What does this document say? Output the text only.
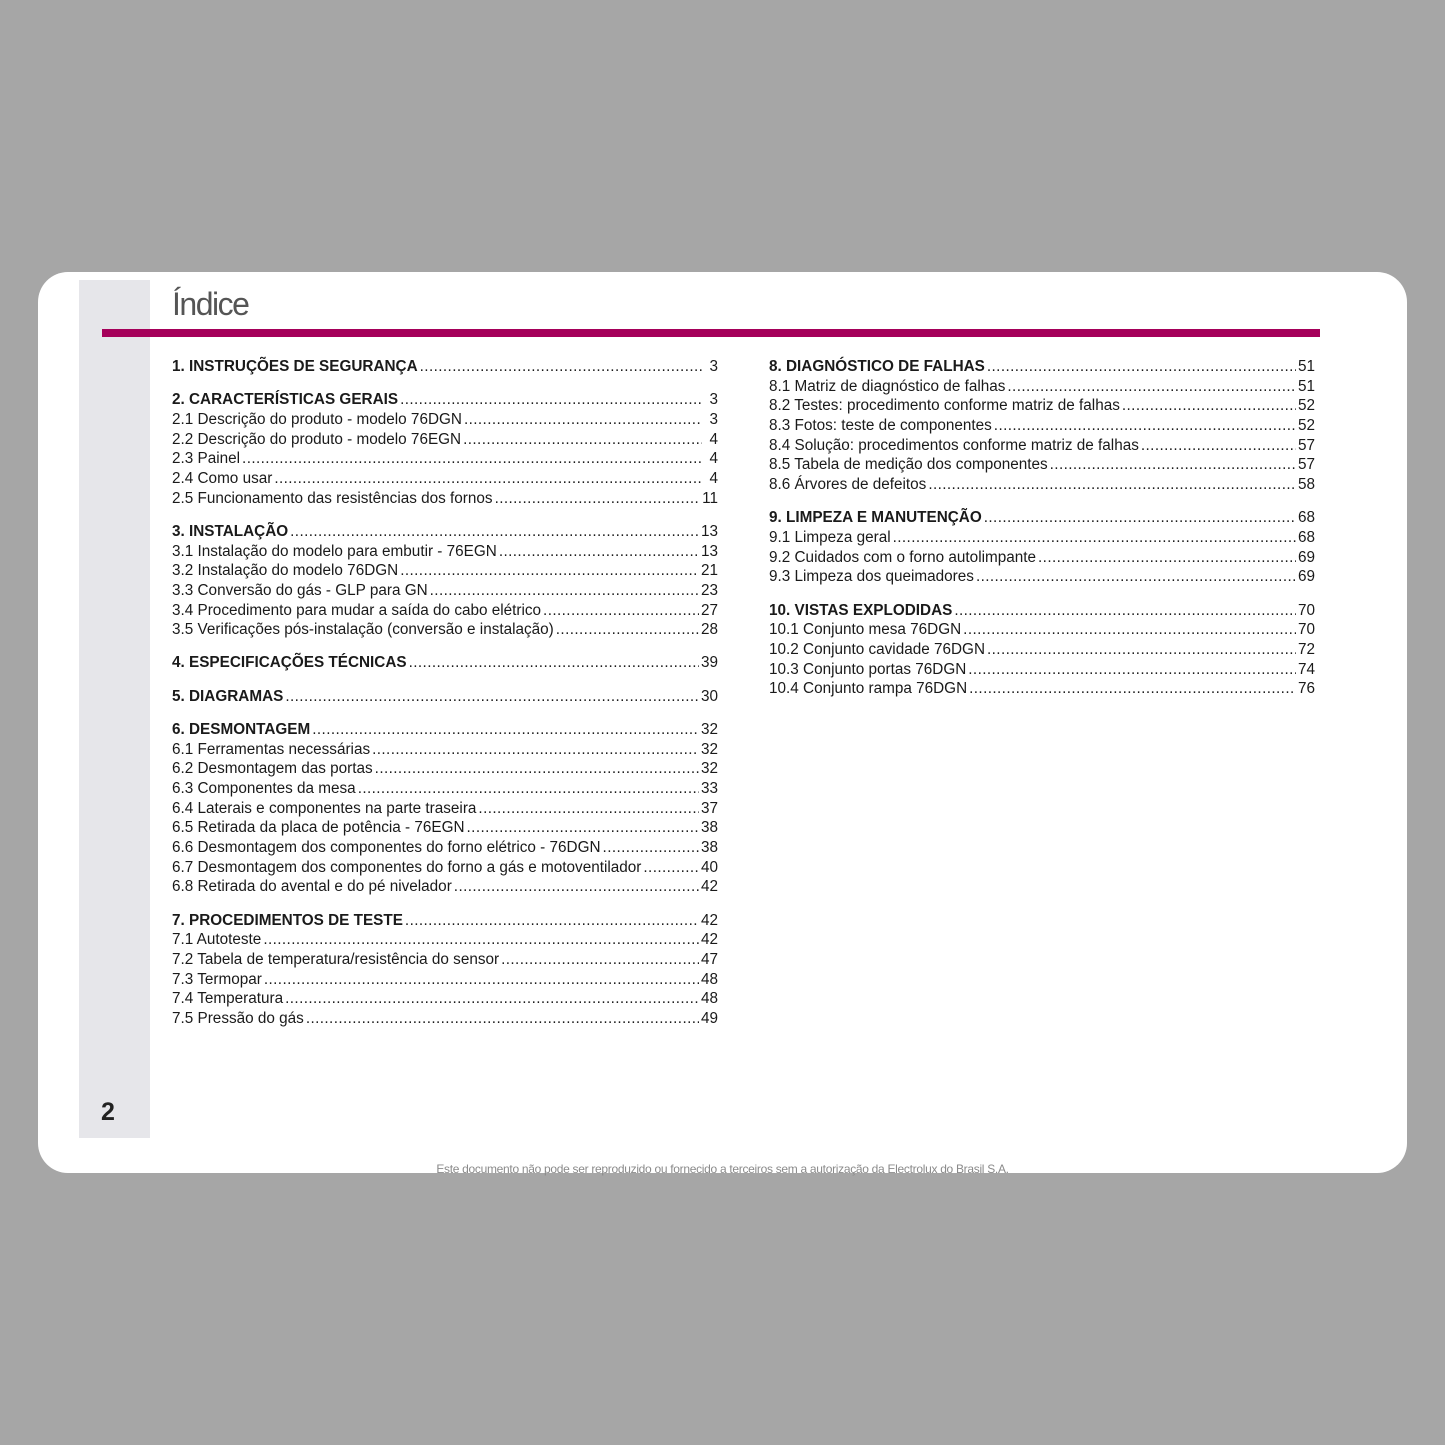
Índice
1. INSTRUÇÕES DE SEGURANÇA .....	3
2. CARACTERÍSTICAS GERAIS .....	3
2.1 Descrição do produto - modelo 76DGN .....	3
2.2 Descrição do produto - modelo 76EGN .....	4
2.3 Painel .....	4
2.4 Como usar .....	4
2.5 Funcionamento das resistências dos fornos .....	11
3. INSTALAÇÃO .....	13
3.1 Instalação do modelo para embutir - 76EGN .....	13
3.2 Instalação do modelo 76DGN .....	21
3.3 Conversão do gás - GLP para GN .....	23
3.4 Procedimento para mudar a saída do cabo elétrico .....	27
3.5 Verificações pós-instalação (conversão e instalação) .....	28
4. ESPECIFICAÇÕES TÉCNICAS .....	39
5. DIAGRAMAS .....	30
6. DESMONTAGEM .....	32
6.1 Ferramentas necessárias .....	32
6.2 Desmontagem das portas .....	32
6.3 Componentes da mesa .....	33
6.4 Laterais e componentes na parte traseira .....	37
6.5 Retirada da placa de potência - 76EGN .....	38
6.6 Desmontagem dos componentes do forno elétrico - 76DGN .....	38
6.7 Desmontagem dos componentes do forno a gás e motoventilador .....	40
6.8 Retirada do avental e do pé nivelador .....	42
7. PROCEDIMENTOS DE TESTE .....	42
7.1 Autoteste .....	42
7.2 Tabela de temperatura/resistência do sensor .....	47
7.3 Termopar .....	48
7.4 Temperatura .....	48
7.5 Pressão do gás .....	49
8. DIAGNÓSTICO DE FALHAS .....	51
8.1 Matriz de diagnóstico de falhas .....	51
8.2 Testes: procedimento conforme matriz de falhas .....	52
8.3 Fotos: teste de componentes .....	52
8.4 Solução: procedimentos conforme matriz de falhas .....	57
8.5 Tabela de medição dos componentes .....	57
8.6 Árvores de defeitos .....	58
9. LIMPEZA E MANUTENÇÃO .....	68
9.1 Limpeza geral .....	68
9.2 Cuidados com o forno autolimpante .....	69
9.3 Limpeza dos queimadores .....	69
10. VISTAS EXPLODIDAS .....	70
10.1 Conjunto mesa 76DGN .....	70
10.2 Conjunto cavidade 76DGN .....	72
10.3 Conjunto portas 76DGN .....	74
10.4 Conjunto rampa 76DGN .....	76
2
Este documento não pode ser reproduzido ou fornecido a terceiros sem a autorização da Electrolux do Brasil S.A.
